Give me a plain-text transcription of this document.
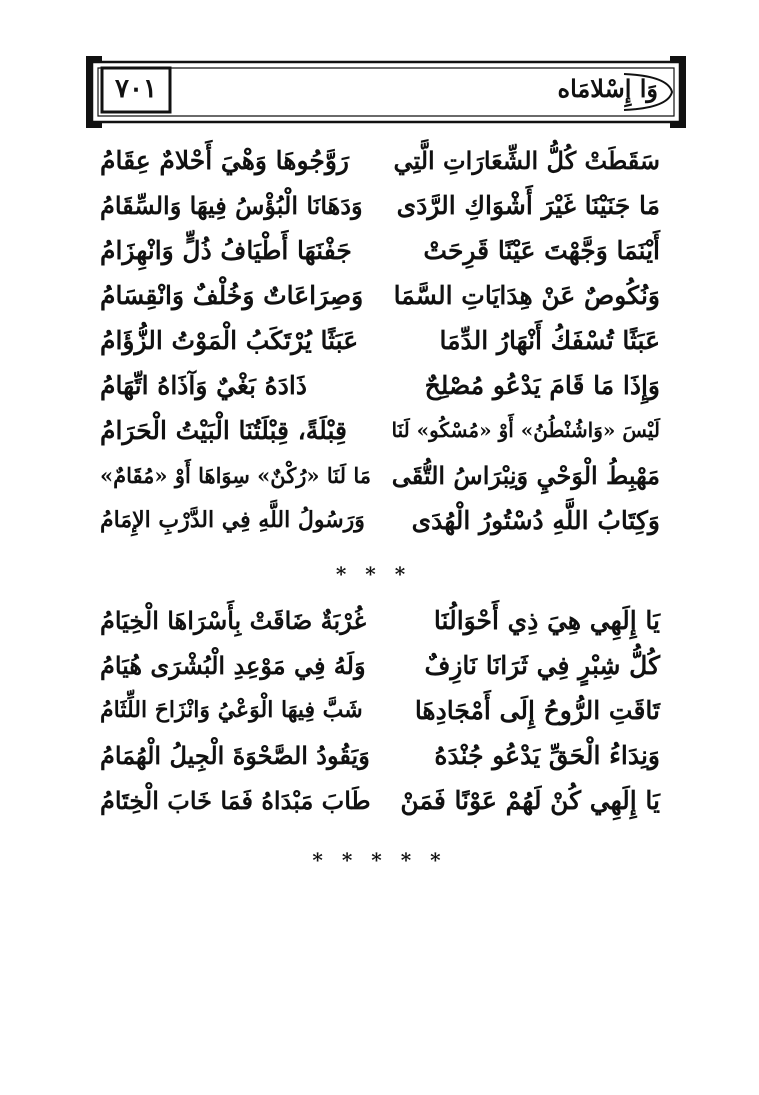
٧٠١	وَا إِسْلامَاه
سَقَطَتْ كُلُّ الشِّعَارَاتِ الَّتِي
رَوَّجُوهَا وَهْيَ أَحْلامٌ عِقَامُ
مَا جَنَيْنَا غَيْرَ أَشْوَاكِ الرَّدَى
وَدَهَانَا الْبُؤْسُ فِيهَا وَالسِّقَامُ
أَيْنَمَا وَجَّهْتَ عَيْنًا قَرِحَتْ
جَفْنَهَا أَطْيَافُ ذُلٍّ وَانْهِزَامُ
وَنُكُوصٌ عَنْ هِدَايَاتِ السَّمَا
وَصِرَاعَاتٌ وَخُلْفٌ وَانْقِسَامُ
عَبَثًا تُسْفَكُ أَنْهَارُ الدِّمَا
عَبَثًا يُرْتَكَبُ الْمَوْتُ الزُّؤَامُ
وَإِذَا مَا قَامَ يَدْعُو مُصْلِحٌ
ذَادَهُ بَغْيٌ وَآذَاهُ اتِّهَامُ
لَيْسَ «وَاشُنْطُنُ» أَوْ «مُسْكُو» لَنَا
قِبْلَةً، قِبْلَتُنَا الْبَيْتُ الْحَرَامُ
مَهْبِطُ الْوَحْيِ وَنِبْرَاسُ التُّقَى
مَا لَنَا «رُكْنٌ» سِوَاهَا أَوْ «مُقَامٌ»
وَكِتَابُ اللَّهِ دُسْتُورُ الْهُدَى
وَرَسُولُ اللَّهِ فِي الدَّرْبِ الإِمَامُ
* * *
يَا إِلَهِي هِيَ ذِي أَحْوَالُنَا
غُرْبَةٌ ضَاقَتْ بِأَسْرَاهَا الْخِيَامُ
كُلُّ شِبْرٍ فِي ثَرَانَا نَازِفٌ
وَلَهُ فِي مَوْعِدِ الْبُشْرَى هُيَامُ
تَاقَتِ الرُّوحُ إِلَى أَمْجَادِهَا
شَبَّ فِيهَا الْوَعْيُ وَانْزَاحَ اللِّثَامُ
وَنِدَاءُ الْحَقِّ يَدْعُو جُنْدَهُ
وَيَقُودُ الصَّحْوَةَ الْجِيلُ الْهُمَامُ
يَا إِلَهِي كُنْ لَهُمْ عَوْنًا فَمَنْ
طَابَ مَبْدَاهُ فَمَا خَابَ الْخِتَامُ
* * * * *
